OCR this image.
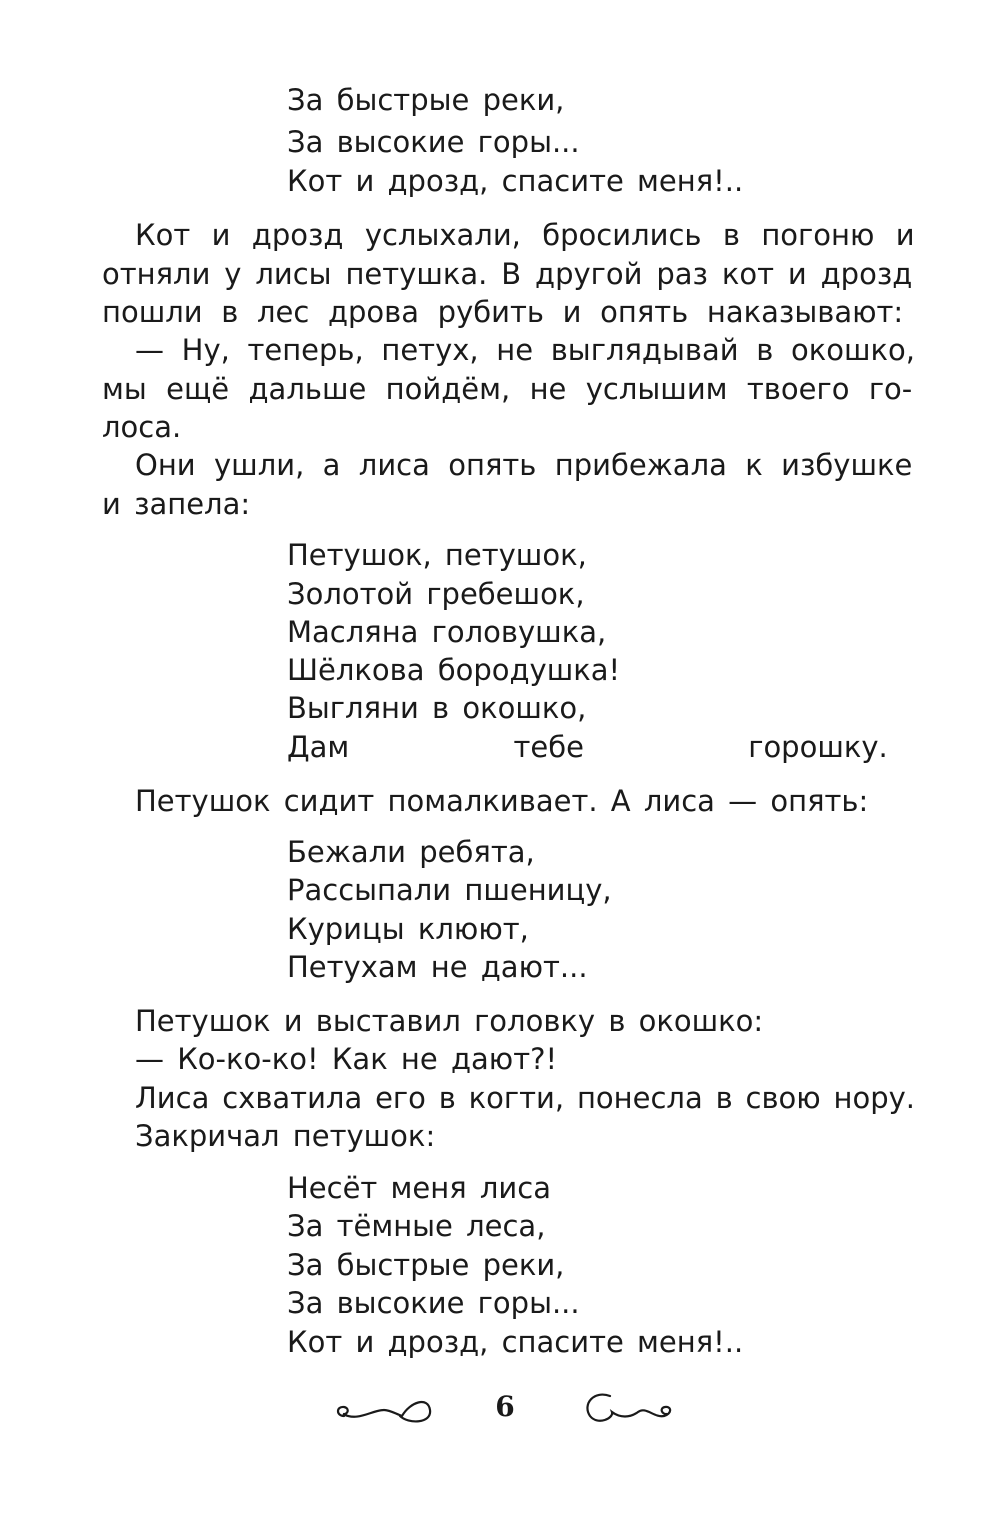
За быстрые реки,
За высокие горы...
Кот и дрозд, спасите меня!..
Кот и дрозд услыхали, бросились в погоню и
отняли у лисы петушка. В другой раз кот и дрозд
пошли в лес дрова рубить и опять наказывают:
— Ну, теперь, петух, не выглядывай в окошко,
мы ещё дальше пойдём, не услышим твоего го-
лоса.
Они ушли, а лиса опять прибежала к избушке
и запела:
Петушок, петушок,
Золотой гребешок,
Масляна головушка,
Шёлкова бородушка!
Выгляни в окошко,
Дам тебе горошку.
Петушок сидит помалкивает. А лиса — опять:
Бежали ребята,
Рассыпали пшеницу,
Курицы клюют,
Петухам не дают...
Петушок и выставил головку в окошко:
— Ко-ко-ко! Как не дают?!
Лиса схватила его в когти, понесла в свою нору.
Закричал петушок:
Несёт меня лиса
За тёмные леса,
За быстрые реки,
За высокие горы...
Кот и дрозд, спасите меня!..
6
